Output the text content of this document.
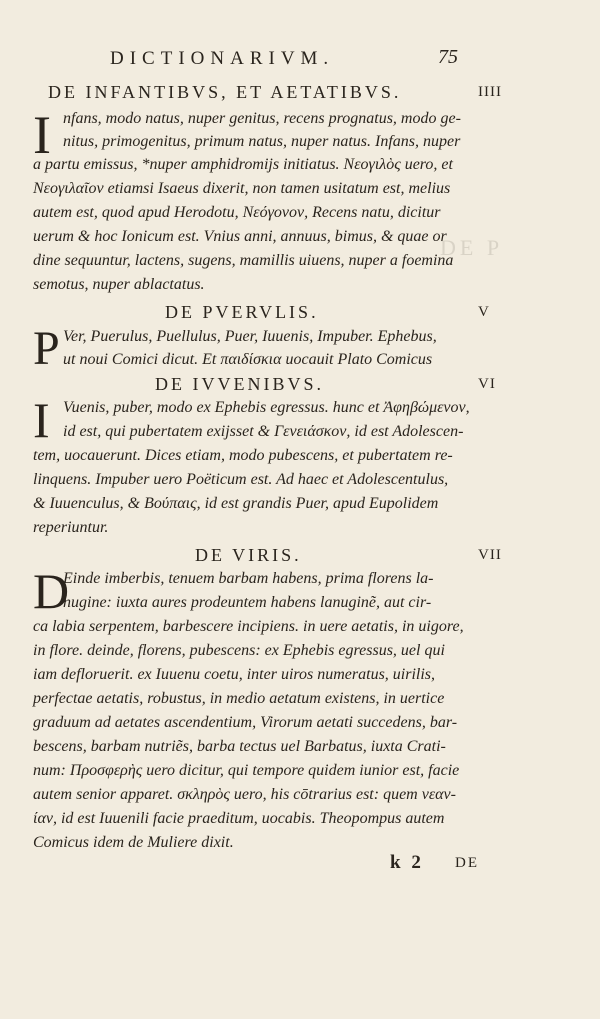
DICTIONARIVM.	75
DE P
DE INFANTIBVS, ET AETATIBVS.	IIII
I nfans, modo natus, nuper genitus, recens prognatus, modo ge-
nitus, primogenitus, primum natus, nuper natus. Infans, nuper
a partu emissus, *nuper amphidromijs initiatus. Νεογιλὸς uero, et
Νεογιλαῖον etiamsi Isaeus dixerit, non tamen usitatum est, melius
autem est, quod apud Herodotu, Νεόγονον, Recens natu, dicitur
uerum & hoc Ionicum est. Vnius anni, annuus, bimus, & quae or
dine sequuntur, lactens, sugens, mamillis uiuens, nuper a foemina
semotus, nuper ablactatus.
DE PVERVLIS.	V
P Ver, Puerulus, Puellulus, Puer, Iuuenis, Impuber. Ephebus,
ut noui Comici dicut. Et παιδίσκια uocauit Plato Comicus
DE IVVENIBVS.	VI
I Vuenis, puber, modo ex Ephebis egressus. hunc et Ἀφηβώμενον,
id est, qui pubertatem exijsset & Γενειάσκον, id est Adolescen-
tem, uocauerunt. Dices etiam, modo pubescens, et pubertatem re-
linquens. Impuber uero Poëticum est. Ad haec et Adolescentulus,
& Iuuenculus, & Βούπαις, id est grandis Puer, apud Eupolidem
reperiuntur.
DE VIRIS.	VII
D
Einde imberbis, tenuem barbam habens, prima florens la-
nugine: iuxta aures prodeuntem habens lanuginẽ, aut cir-
ca labia serpentem, barbescere incipiens. in uere aetatis, in uigore,
in flore. deinde, florens, pubescens: ex Ephebis egressus, uel qui
iam defloruerit. ex Iuuenu coetu, inter uiros numeratus, uirilis,
perfectae aetatis, robustus, in medio aetatum existens, in uertice
graduum ad aetates ascendentium, Virorum aetati succedens, bar-
bescens, barbam nutriẽs, barba tectus uel Barbatus, iuxta Crati-
num: Προσφερὴς uero dicitur, qui tempore quidem iunior est, facie
autem senior apparet. σκληρὸς uero, his cōtrarius est: quem νεαν-
ίαν, id est Iuuenili facie praeditum, uocabis. Theopompus autem
Comicus idem de Muliere dixit.
k 2 DE
